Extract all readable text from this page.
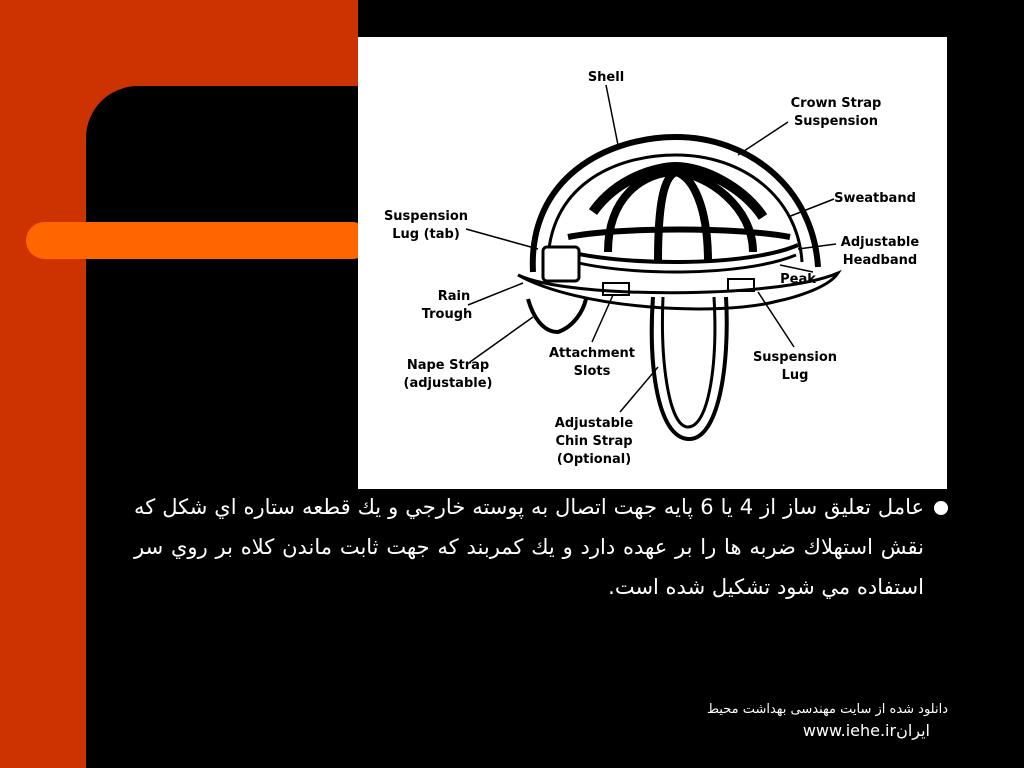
Shell
Crown Strap
Suspension
Sweatband
Adjustable
Headband
Peak
Suspension
Lug
Suspension
Lug (tab)
Rain
Trough
Nape Strap
(adjustable)
Attachment
Slots
Adjustable
Chin Strap
(Optional)
عامل تعليق ساز از 4 يا 6 پايه جهت اتصال به پوسته خارجي و يك قطعه ستاره اي شكل كه نقش استهلاك ضربه ها را بر عهده دارد و يك كمربند كه جهت ثابت ماندن كلاه بر روي سر استفاده مي شود تشكيل شده است.
دانلود شده از سايت مهندسی بهداشت محيط
www.iehe.irايران
